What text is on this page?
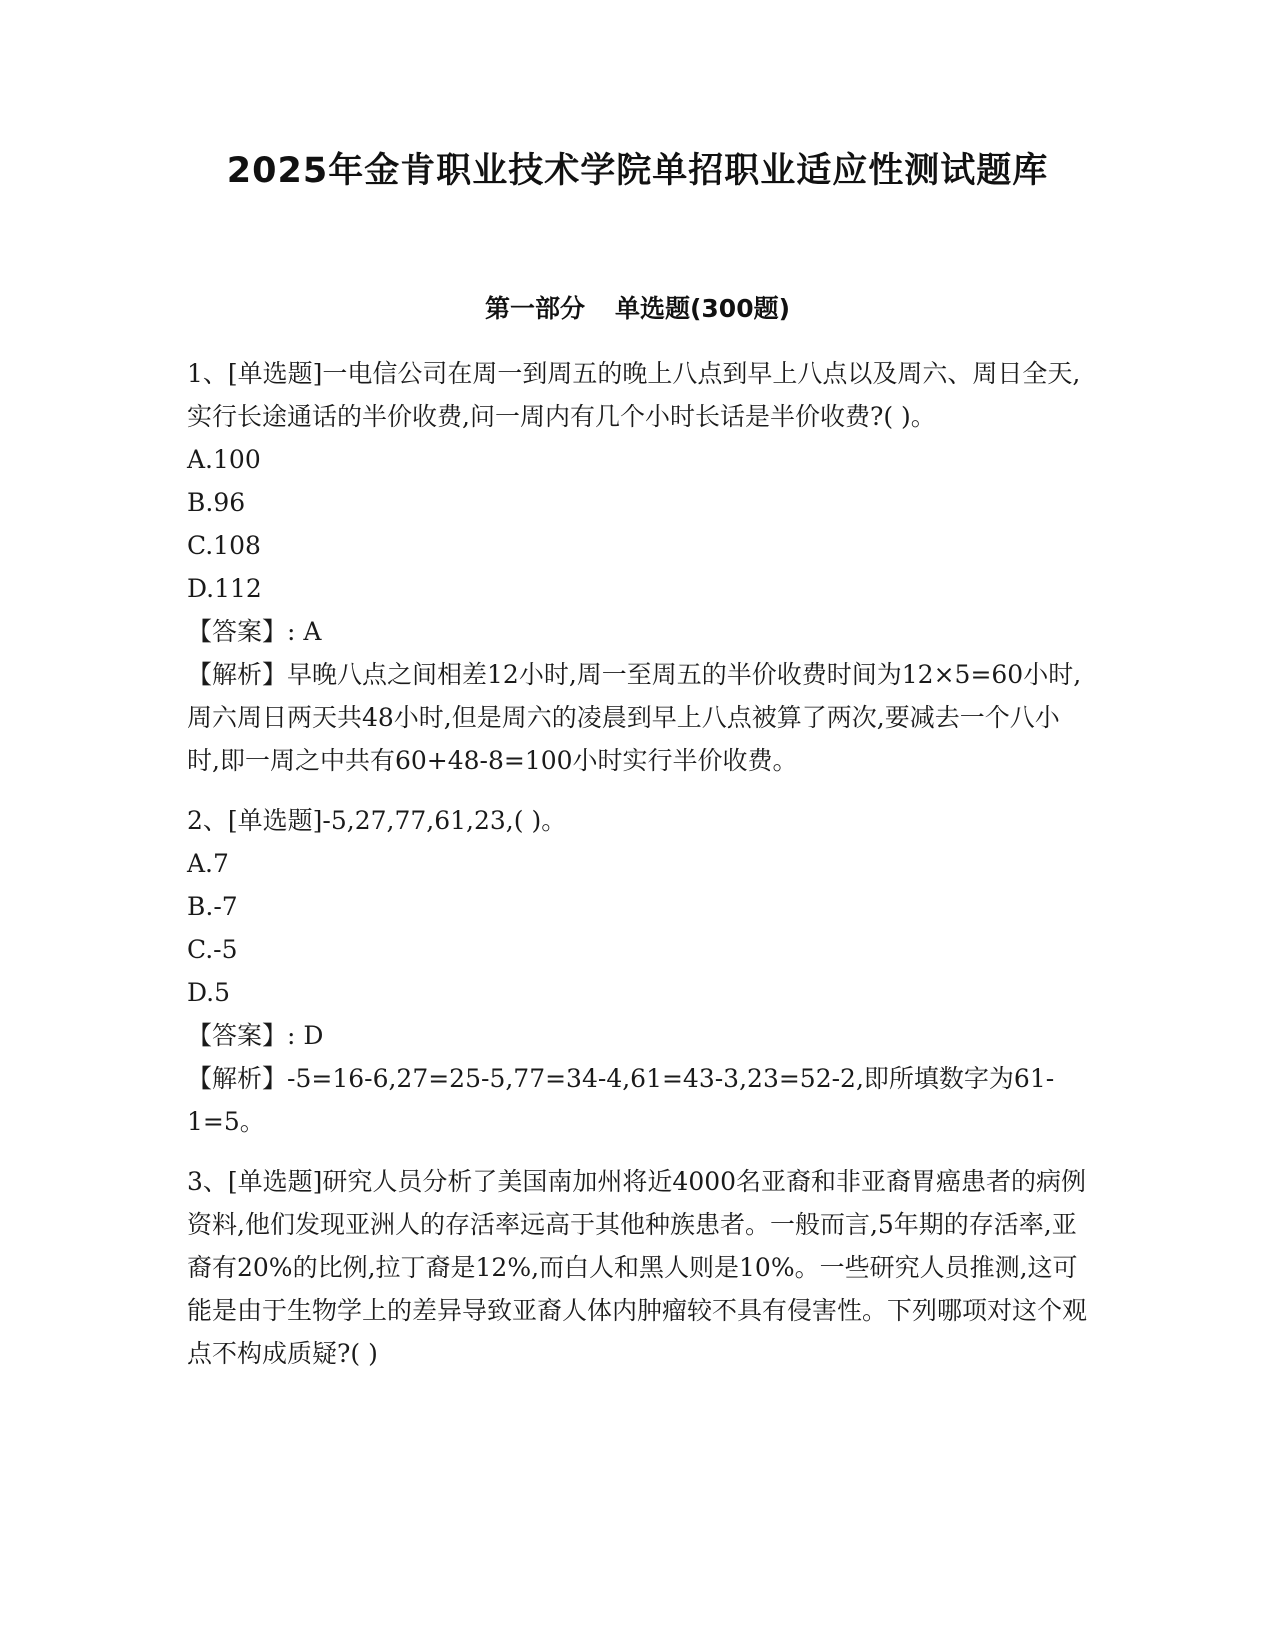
2025年金肯职业技术学院单招职业适应性测试题库
第一部分 单选题(300题)

1、[单选题]一电信公司在周一到周五的晚上八点到早上八点以及周六、周日全天,实行长途通话的半价收费,问一周内有几个小时长话是半价收费?( )。

A.100

B.96

C.108

D.112

【答案】: A

【解析】早晚八点之间相差12小时,周一至周五的半价收费时间为12×5=60小时,周六周日两天共48小时,但是周六的凌晨到早上八点被算了两次,要减去一个八小时,即一周之中共有60+48-8=100小时实行半价收费。

2、[单选题]-5,27,77,61,23,( )。

A.7

B.-7

C.-5

D.5

【答案】: D

【解析】-5=16-6,27=25-5,77=34-4,61=43-3,23=52-2,即所填数字为61-1=5。

3、[单选题]研究人员分析了美国南加州将近4000名亚裔和非亚裔胃癌患者的病例资料,他们发现亚洲人的存活率远高于其他种族患者。一般而言,5年期的存活率,亚裔有20%的比例,拉丁裔是12%,而白人和黑人则是10%。一些研究人员推测,这可能是由于生物学上的差异导致亚裔人体内肿瘤较不具有侵害性。下列哪项对这个观点不构成质疑?( )
